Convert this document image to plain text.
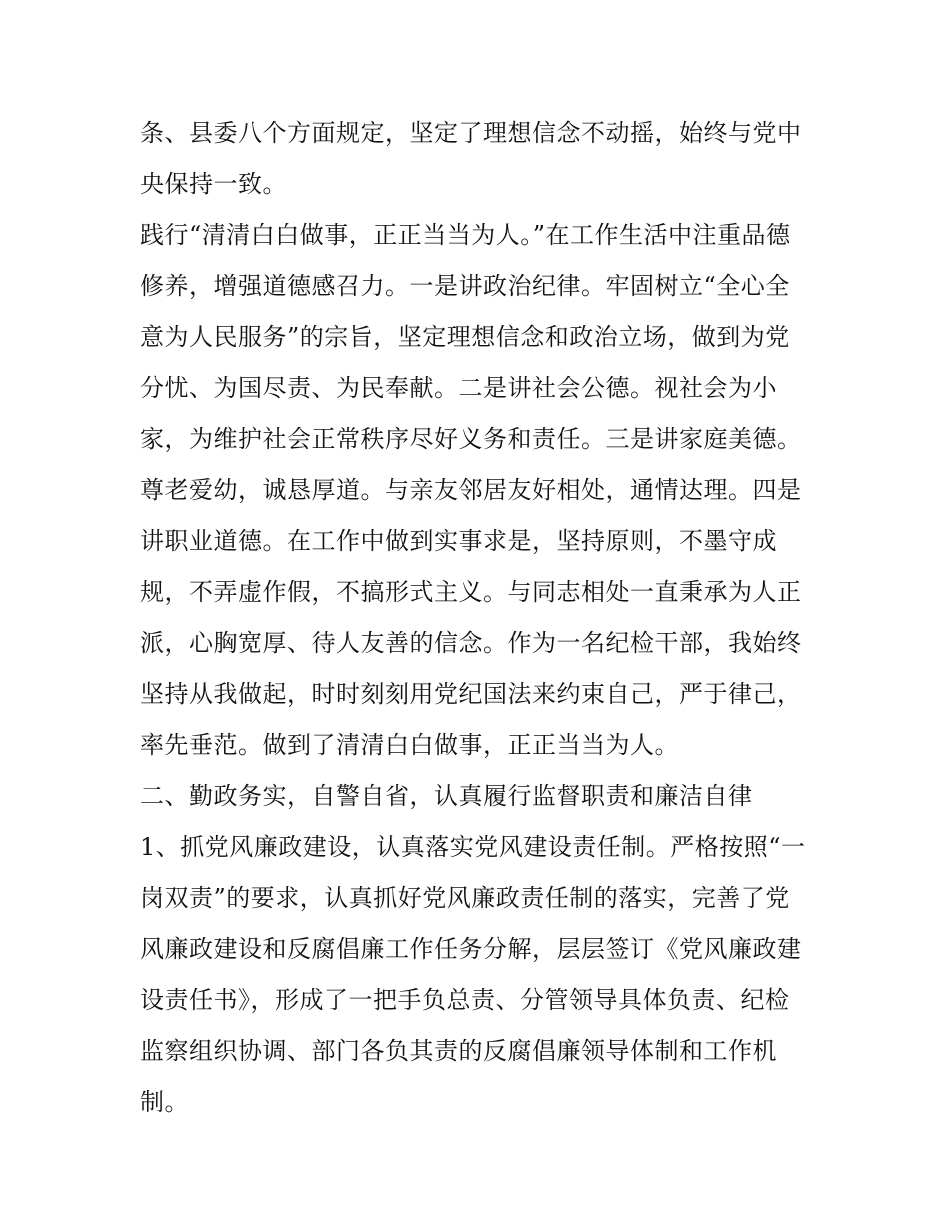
条、县委八个方面规定，坚定了理想信念不动摇，始终与党中
央保持一致。
践行“清清白白做事，正正当当为人。”在工作生活中注重品德
修养，增强道德感召力。一是讲政治纪律。牢固树立“全心全
意为人民服务”的宗旨，坚定理想信念和政治立场，做到为党
分忧、为国尽责、为民奉献。二是讲社会公德。视社会为小
家，为维护社会正常秩序尽好义务和责任。三是讲家庭美德。
尊老爱幼，诚恳厚道。与亲友邻居友好相处，通情达理。四是
讲职业道德。在工作中做到实事求是，坚持原则，不墨守成
规，不弄虚作假，不搞形式主义。与同志相处一直秉承为人正
派，心胸宽厚、待人友善的信念。作为一名纪检干部，我始终
坚持从我做起，时时刻刻用党纪国法来约束自己，严于律己，
率先垂范。做到了清清白白做事，正正当当为人。
二、勤政务实，自警自省，认真履行监督职责和廉洁自律
1、抓党风廉政建设，认真落实党风建设责任制。严格按照“一
岗双责”的要求，认真抓好党风廉政责任制的落实，完善了党
风廉政建设和反腐倡廉工作任务分解，层层签订《党风廉政建
设责任书》，形成了一把手负总责、分管领导具体负责、纪检
监察组织协调、部门各负其责的反腐倡廉领导体制和工作机
制。
